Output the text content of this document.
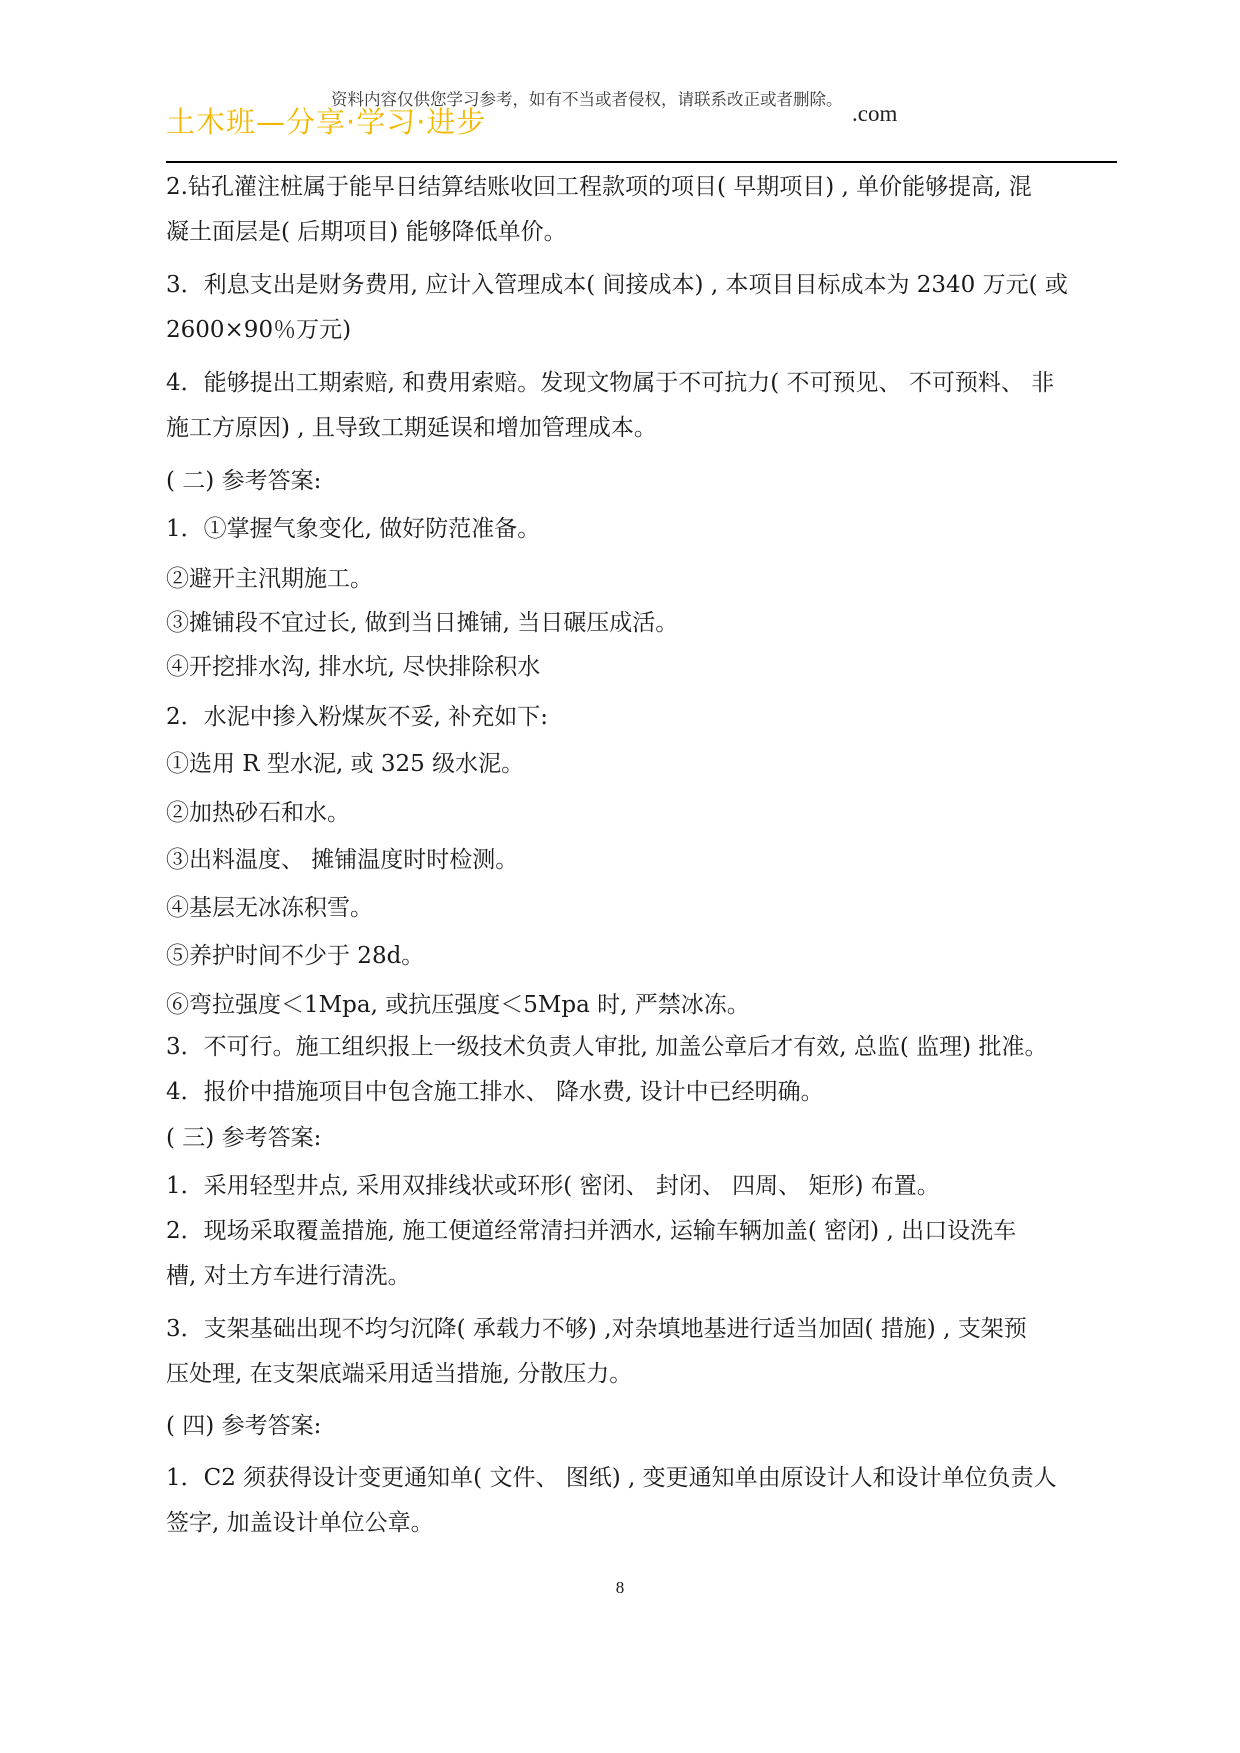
土木班—分享·学习·进步
资料内容仅供您学习参考，如有不当或者侵权，请联系改正或者删除。
.com
2.钻孔灌注桩属于能早日结算结账收回工程款项的项目( 早期项目) , 单价能够提高, 混
凝土面层是( 后期项目) 能够降低单价。
3．利息支出是财务费用, 应计入管理成本( 间接成本) , 本项目目标成本为 2340 万元( 或
2600×90％万元)
4．能够提出工期索赔, 和费用索赔。发现文物属于不可抗力( 不可预见、 不可预料、 非
施工方原因) , 且导致工期延误和增加管理成本。
( 二) 参考答案:
1．①掌握气象变化, 做好防范准备。
②避开主汛期施工。
③摊铺段不宜过长, 做到当日摊铺, 当日碾压成活。
④开挖排水沟, 排水坑, 尽快排除积水
2．水泥中掺入粉煤灰不妥, 补充如下:
①选用 R 型水泥, 或 325 级水泥。
②加热砂石和水。
③出料温度、 摊铺温度时时检测。
④基层无冰冻积雪。
⑤养护时间不少于 28d。
⑥弯拉强度＜1Mpa, 或抗压强度＜5Mpa 时, 严禁冰冻。
3．不可行。施工组织报上一级技术负责人审批, 加盖公章后才有效, 总监( 监理) 批准。
4．报价中措施项目中包含施工排水、 降水费, 设计中已经明确。
( 三) 参考答案:
1．采用轻型井点, 采用双排线状或环形( 密闭、 封闭、 四周、 矩形) 布置。
2．现场采取覆盖措施, 施工便道经常清扫并洒水, 运输车辆加盖( 密闭) , 出口设洗车
槽, 对土方车进行清洗。
3．支架基础出现不均匀沉降( 承载力不够) ,对杂填地基进行适当加固( 措施) , 支架预
压处理, 在支架底端采用适当措施, 分散压力。
( 四) 参考答案:
1．C2 须获得设计变更通知单( 文件、 图纸) , 变更通知单由原设计人和设计单位负责人
签字, 加盖设计单位公章。
8
